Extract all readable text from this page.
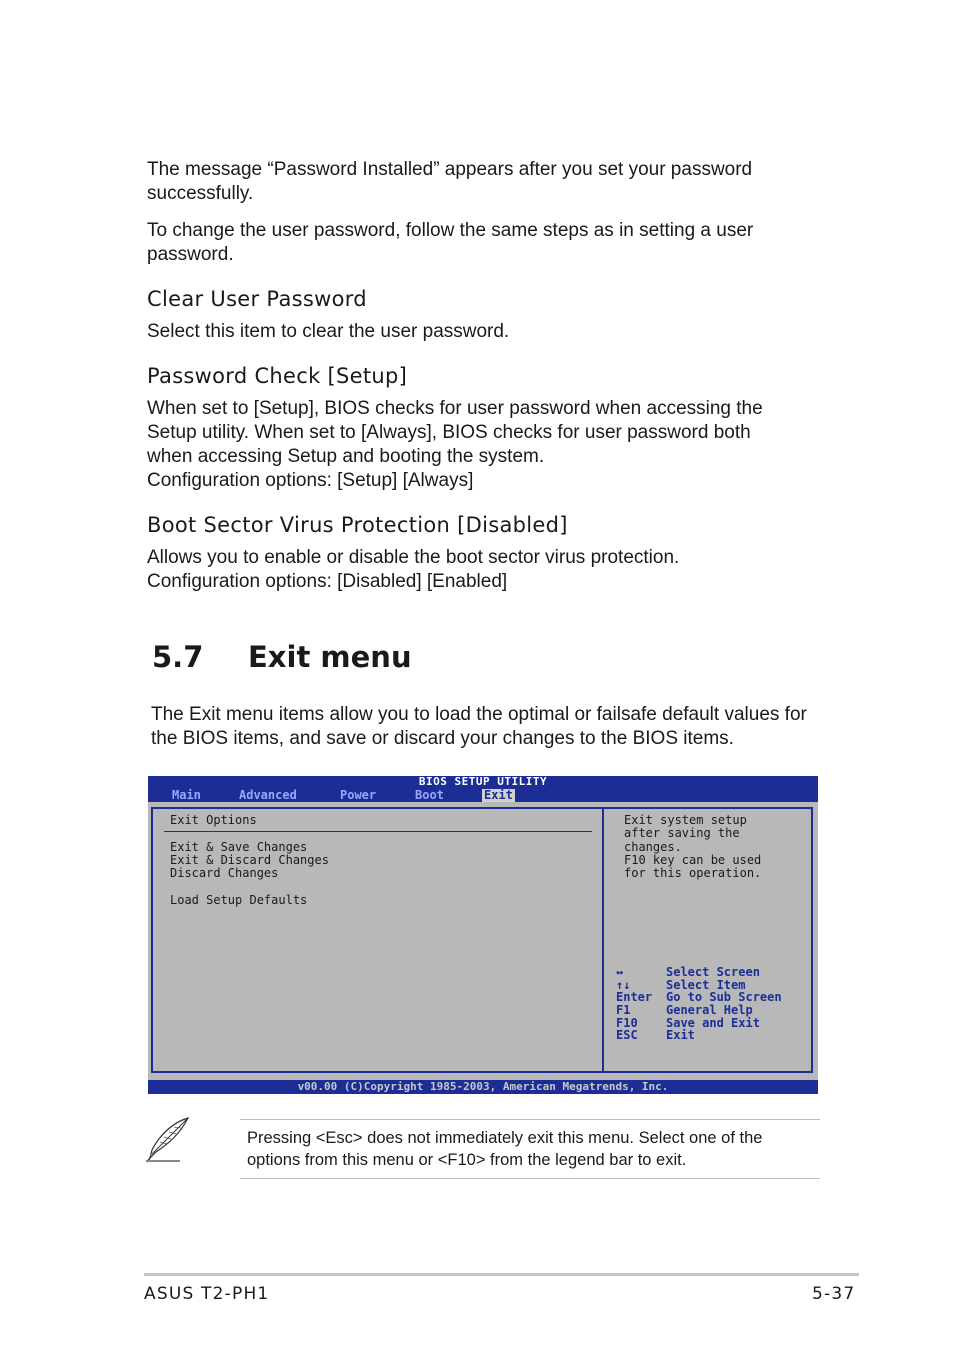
The message “Password Installed” appears after you set your password successfully.

To change the user password, follow the same steps as in setting a user password.

Clear User Password

Select this item to clear the user password.

Password Check [Setup]

When set to [Setup], BIOS checks for user password when accessing the Setup utility. When set to [Always], BIOS checks for user password both when accessing Setup and booting the system.

Configuration options: [Setup] [Always]

Boot Sector Virus Protection [Disabled]

Allows you to enable or disable the boot sector virus protection.

Configuration options: [Disabled] [Enabled]

5.7 Exit menu

The Exit menu items allow you to load the optimal or failsafe default values for the BIOS items, and save or discard your changes to the BIOS items.

BIOS SETUP UTILITY
Main	Advanced	Power	Boot	Exit
Exit Options
Exit & Save Changes
Exit & Discard Changes
Discard Changes
Load Setup Defaults
Exit system setup
after saving the
changes.
F10 key can be used
for this operation.
↔	Select Screen
↑↓	Select Item
Enter Go to Sub Screen
F1	General Help
F10 Save and Exit
ESC Exit
v00.00 (C)Copyright 1985-2003, American Megatrends, Inc.

Pressing <Esc> does not immediately exit this menu. Select one of the options from this menu or <F10> from the legend bar to exit.

ASUS T2-PH1	5-37
